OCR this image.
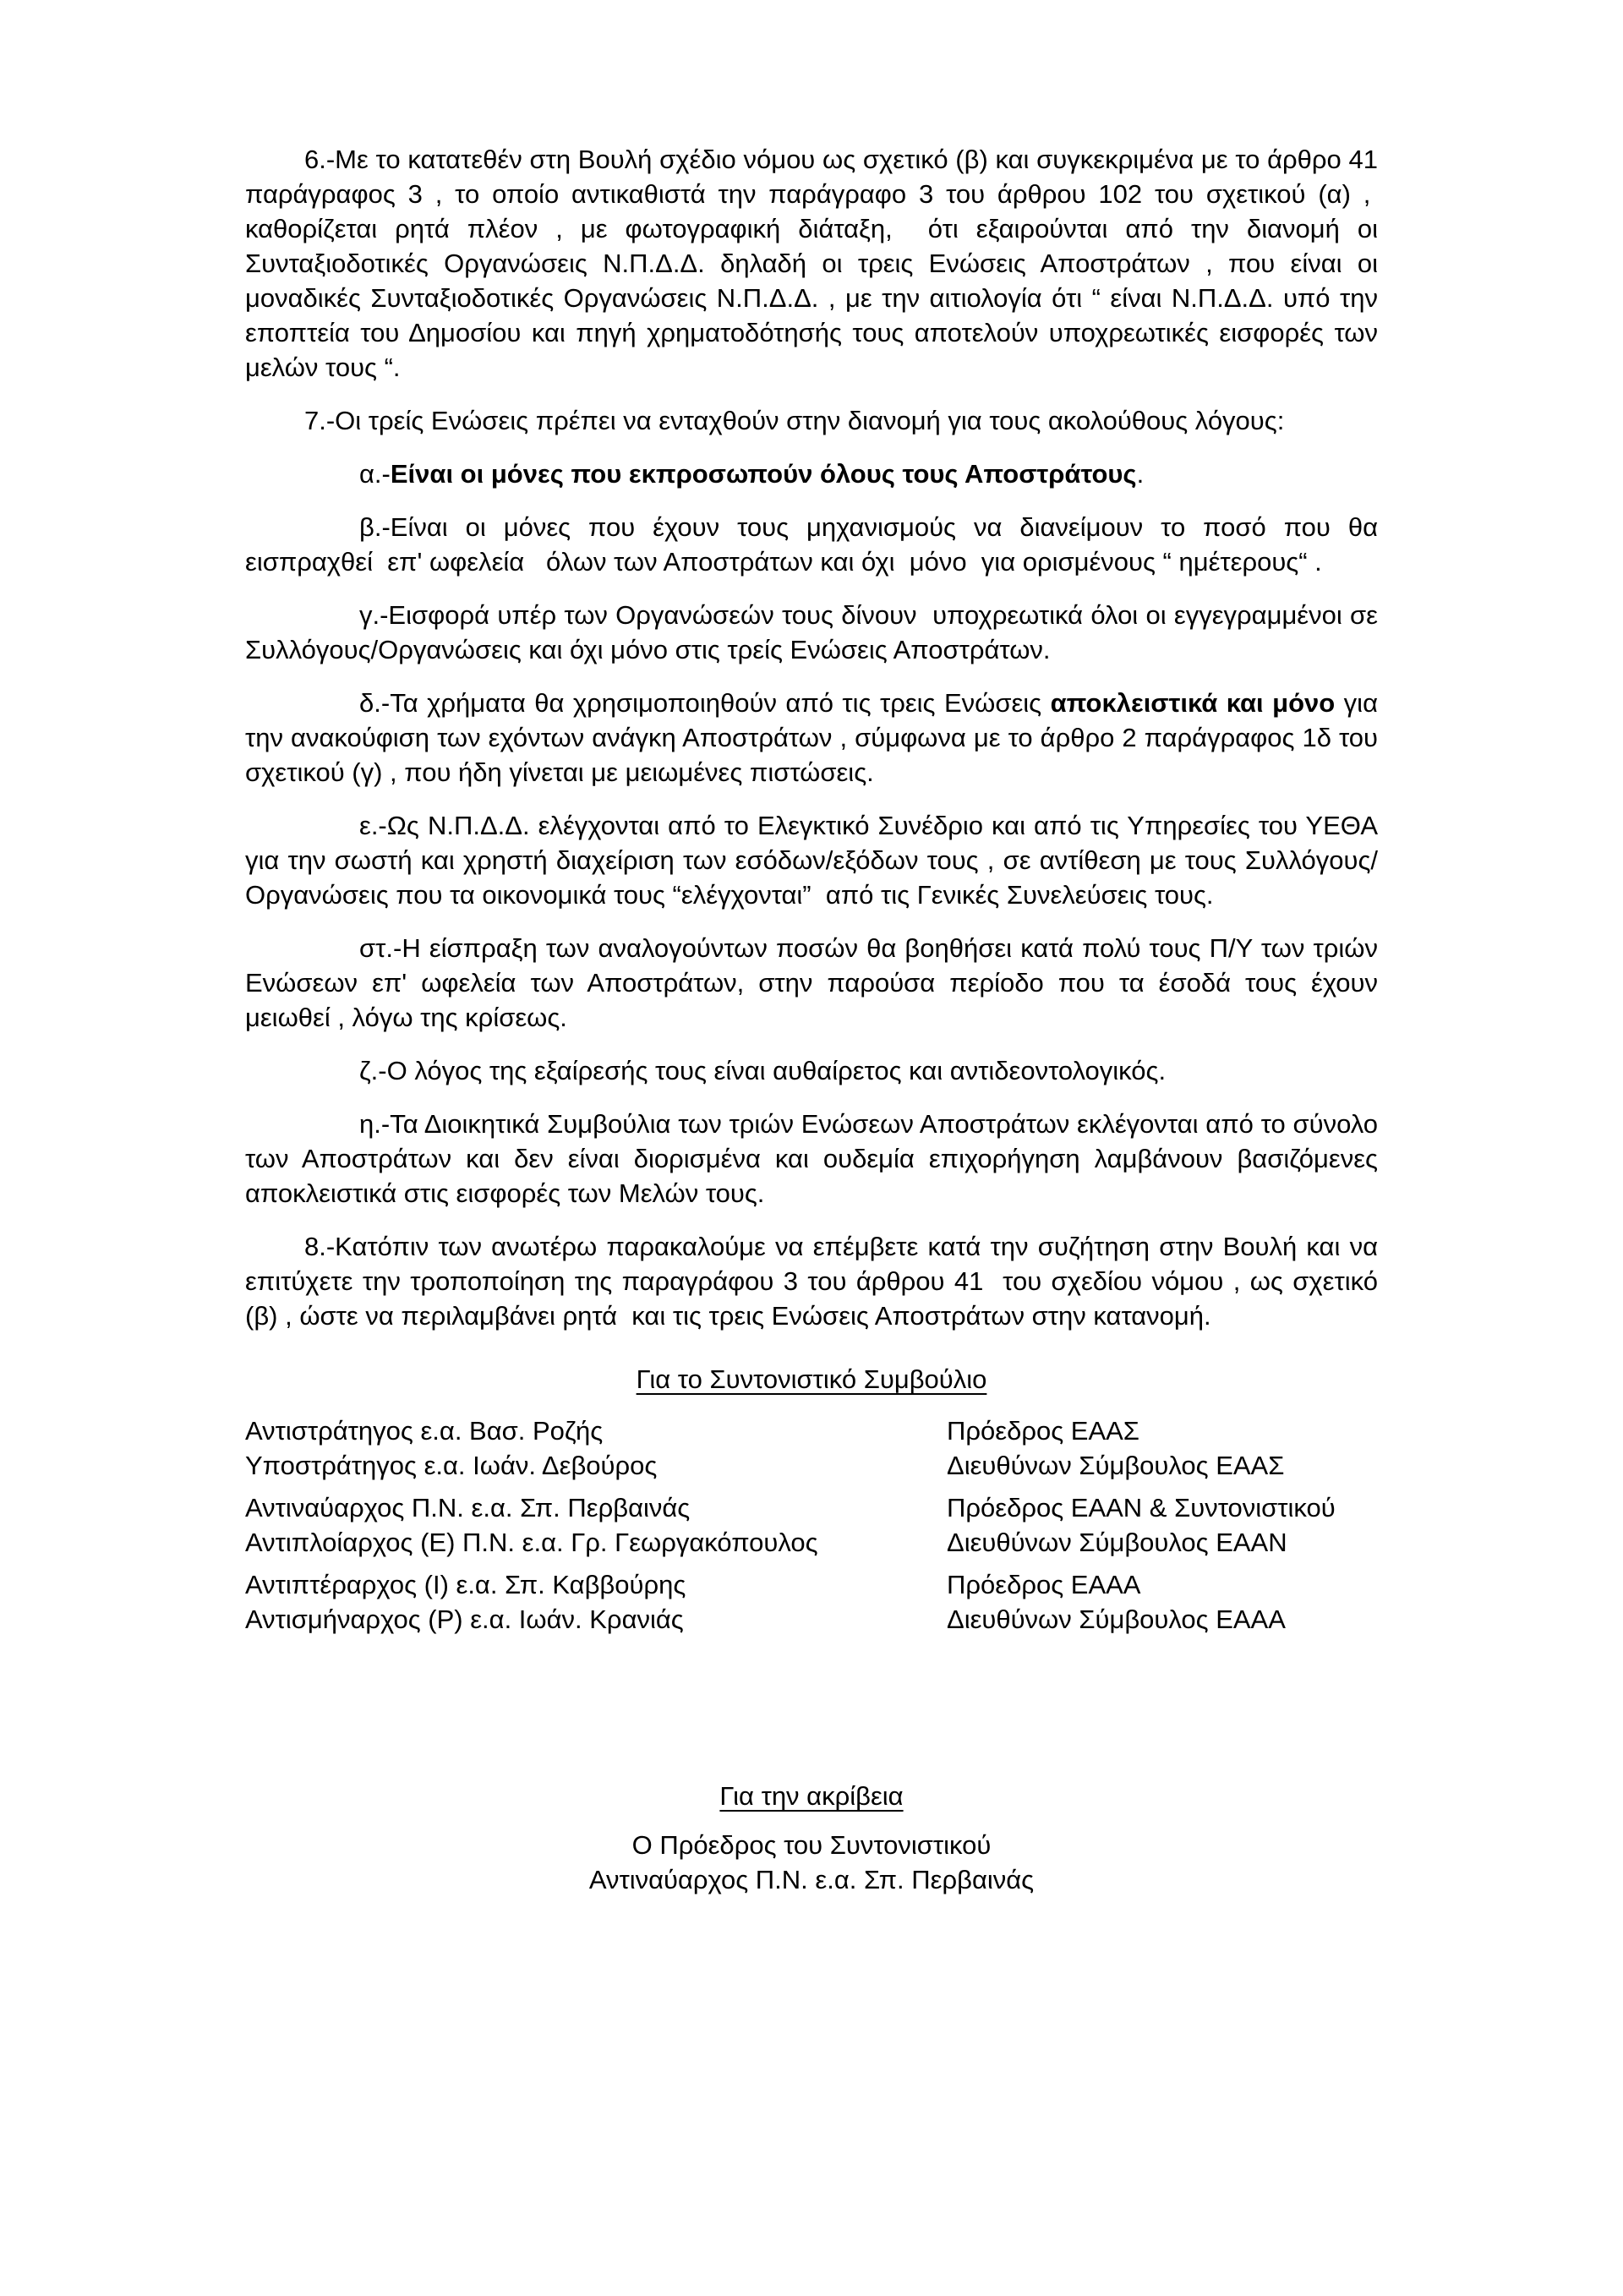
6.-Με το κατατεθέν στη Βουλή σχέδιο νόμου ως σχετικό (β) και συγκεκριμένα με το άρθρο 41 παράγραφος 3 , το οποίο αντικαθιστά την παράγραφο 3 του άρθρου 102 του σχετικού (α) ,  καθορίζεται ρητά πλέον , με φωτογραφική διάταξη,  ότι εξαιρούνται από την διανομή οι Συνταξιοδοτικές Οργανώσεις Ν.Π.Δ.Δ. δηλαδή οι τρεις Ενώσεις Αποστράτων , που είναι οι μοναδικές Συνταξιοδοτικές Οργανώσεις Ν.Π.Δ.Δ. , με την αιτιολογία ότι “ είναι Ν.Π.Δ.Δ. υπό την εποπτεία του Δημοσίου και πηγή χρηματοδότησής τους αποτελούν υποχρεωτικές εισφορές των μελών τους “.

7.-Οι τρείς Ενώσεις πρέπει να ενταχθούν στην διανομή για τους ακολούθους λόγους:

α.-Είναι οι μόνες που εκπροσωπούν όλους τους Αποστράτους.

β.-Είναι οι μόνες που έχουν τους μηχανισμούς να διανείμουν το ποσό που θα εισπραχθεί  επ' ωφελεία   όλων των Αποστράτων και όχι  μόνο  για ορισμένους “ ημέτερους“ .

γ.-Εισφορά υπέρ των Οργανώσεών τους δίνουν  υποχρεωτικά όλοι οι εγγεγραμμένοι σε Συλλόγους/Οργανώσεις και όχι μόνο στις τρείς Ενώσεις Αποστράτων.

δ.-Τα χρήματα θα χρησιμοποιηθούν από τις τρεις Ενώσεις αποκλειστικά και μόνο για την ανακούφιση των εχόντων ανάγκη Αποστράτων , σύμφωνα με το άρθρο 2 παράγραφος 1δ του σχετικού (γ) , που ήδη γίνεται με μειωμένες πιστώσεις.

ε.-Ως Ν.Π.Δ.Δ. ελέγχονται από το Ελεγκτικό Συνέδριο και από τις Υπηρεσίες του ΥΕΘΑ για την σωστή και χρηστή διαχείριση των εσόδων/εξόδων τους , σε αντίθεση με τους Συλλόγους/Οργανώσεις που τα οικονομικά τους “ελέγχονται”  από τις Γενικές Συνελεύσεις τους.

στ.-Η είσπραξη των αναλογούντων ποσών θα βοηθήσει κατά πολύ τους Π/Υ των τριών Ενώσεων επ' ωφελεία των Αποστράτων, στην παρούσα περίοδο που τα έσοδά τους έχουν μειωθεί , λόγω της κρίσεως.

ζ.-Ο λόγος της εξαίρεσής τους είναι αυθαίρετος και αντιδεοντολογικός.

η.-Τα Διοικητικά Συμβούλια των τριών Ενώσεων Αποστράτων εκλέγονται από το σύνολο των Αποστράτων και δεν είναι διορισμένα και ουδεμία επιχορήγηση λαμβάνουν βασιζόμενες αποκλειστικά στις εισφορές των Μελών τους.

8.-Κατόπιν των ανωτέρω παρακαλούμε να επέμβετε κατά την συζήτηση στην Βουλή και να επιτύχετε την τροποποίηση της παραγράφου 3 του άρθρου 41  του σχεδίου νόμου , ως σχετικό (β) , ώστε να περιλαμβάνει ρητά  και τις τρεις Ενώσεις Αποστράτων στην κατανομή.

Για το Συντονιστικό Συμβούλιο
Αντιστράτηγος ε.α. Βασ. Ροζής	Πρόεδρος ΕΑΑΣ
Υποστράτηγος ε.α. Ιωάν. Δεβούρος	Διευθύνων Σύμβουλος ΕΑΑΣ
Αντιναύαρχος Π.Ν. ε.α. Σπ. Περβαινάς	Πρόεδρος ΕΑΑΝ & Συντονιστικού
Αντιπλοίαρχος (Ε) Π.Ν. ε.α. Γρ. Γεωργακόπουλος	Διευθύνων Σύμβουλος ΕΑΑΝ
Αντιπτέραρχος (Ι) ε.α. Σπ. Καββούρης	Πρόεδρος ΕΑΑΑ
Αντισμήναρχος (Ρ) ε.α. Ιωάν. Κρανιάς	Διευθύνων Σύμβουλος ΕΑΑΑ
Για την ακρίβεια
Ο Πρόεδρος του Συντονιστικού
Αντιναύαρχος Π.Ν. ε.α. Σπ. Περβαινάς
